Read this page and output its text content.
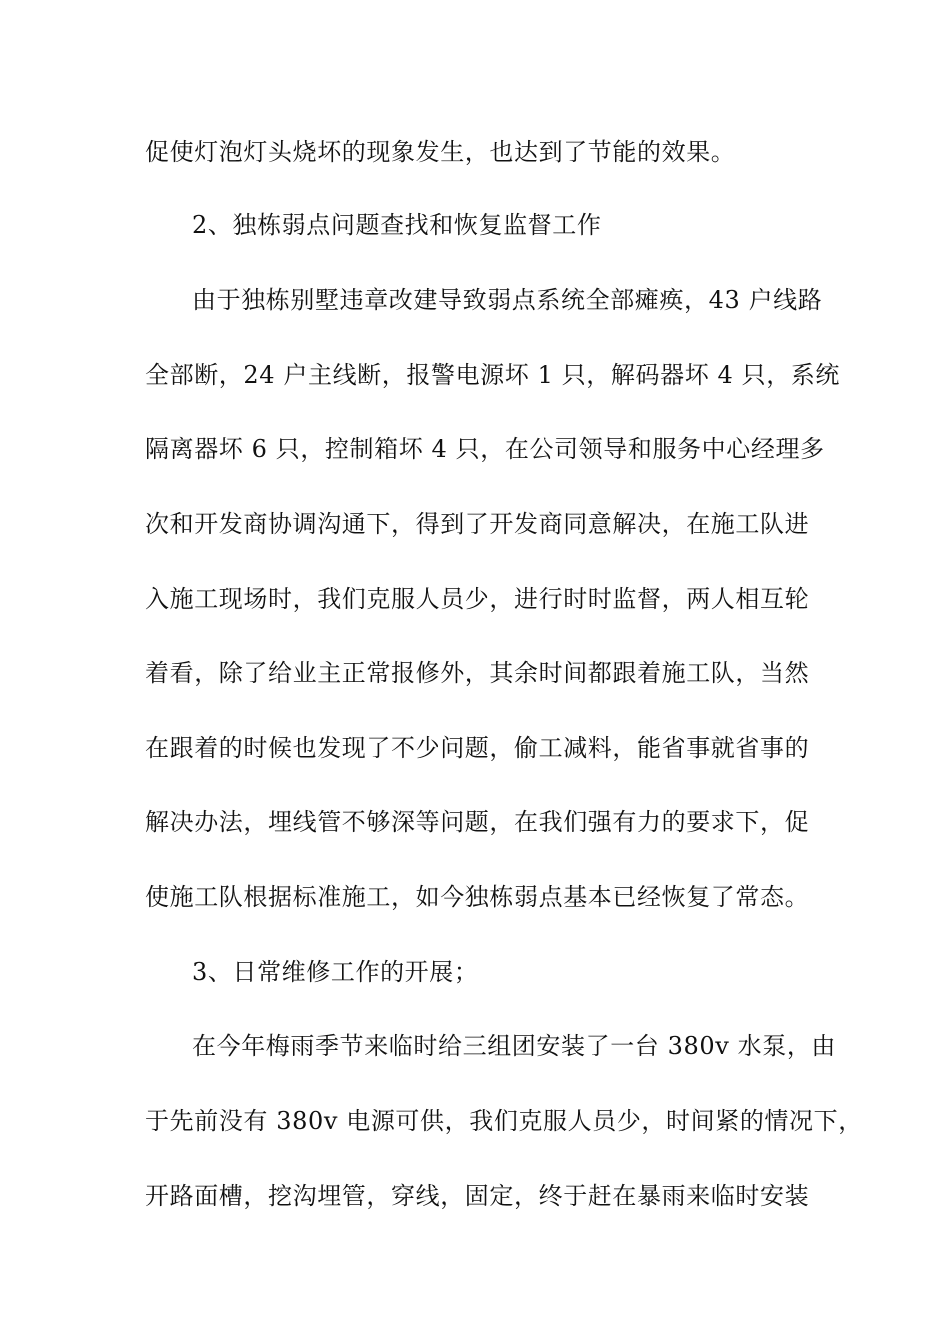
促使灯泡灯头烧坏的现象发生，也达到了节能的效果。
2、独栋弱点问题查找和恢复监督工作
由于独栋别墅违章改建导致弱点系统全部瘫痪，43 户线路
全部断，24 户主线断，报警电源坏 1 只，解码器坏 4 只，系统
隔离器坏 6 只，控制箱坏 4 只，在公司领导和服务中心经理多
次和开发商协调沟通下，得到了开发商同意解决，在施工队进
入施工现场时，我们克服人员少，进行时时监督，两人相互轮
着看，除了给业主正常报修外，其余时间都跟着施工队，当然
在跟着的时候也发现了不少问题，偷工减料，能省事就省事的
解决办法，埋线管不够深等问题，在我们强有力的要求下，促
使施工队根据标准施工，如今独栋弱点基本已经恢复了常态。
3、日常维修工作的开展；
在今年梅雨季节来临时给三组团安装了一台 380v 水泵，由
于先前没有 380v 电源可供，我们克服人员少，时间紧的情况下，
开路面槽，挖沟埋管，穿线，固定，终于赶在暴雨来临时安装
